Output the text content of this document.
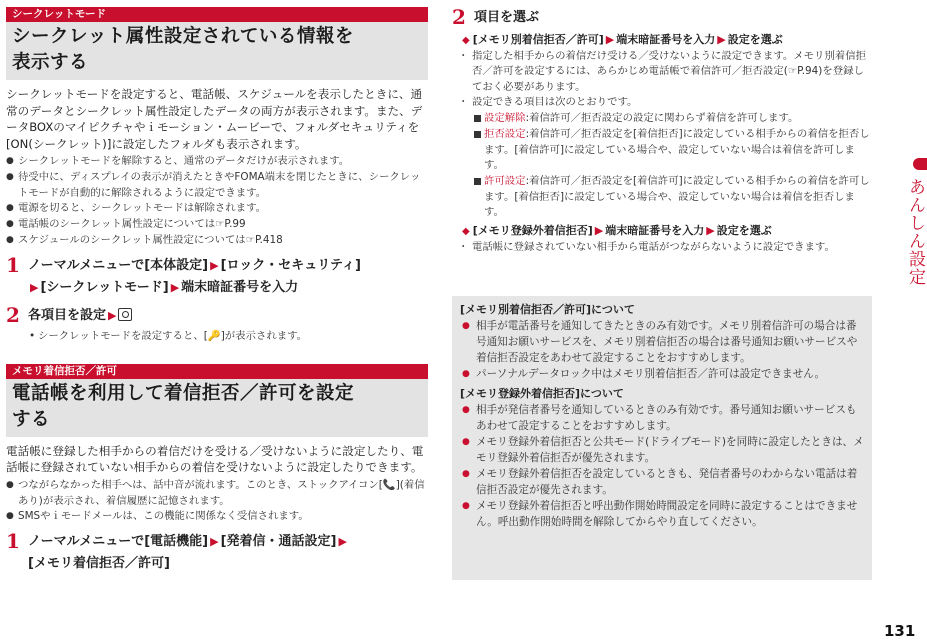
シークレットモード
シークレット属性設定されている情報を
表示する
シークレットモードを設定すると、電話帳、スケジュールを表示したときに、通常のデータとシークレット属性設定したデータの両方が表示されます。また、データBOXのマイピクチャやｉモーション・ムービーで、フォルダセキュリティを[ON(シークレット)]に設定したフォルダも表示されます。
● シークレットモードを解除すると、通常のデータだけが表示されます。
● 待受中に、ディスプレイの表示が消えたときやFOMA端末を閉じたときに、シークレットモードが自動的に解除されるように設定できます。
● 電源を切ると、シークレットモードは解除されます。
● 電話帳のシークレット属性設定については☞P.99
● スケジュールのシークレット属性設定については☞P.418
1 ノーマルメニューで[本体設定] ▶ [ロック・セキュリティ]
▶ [シークレットモード] ▶ 端末暗証番号を入力
2 各項目を設定 ▶
• シークレットモードを設定すると、[🔑]が表示されます。
メモリ着信拒否／許可
電話帳を利用して着信拒否／許可を設定
する
電話帳に登録した相手からの着信だけを受ける／受けないように設定したり、電話帳に登録されていない相手からの着信を受けないように設定したりできます。
● つながらなかった相手へは、話中音が流れます。このとき、ストックアイコン[📞](着信あり)が表示され、着信履歴に記憶されます。
● SMSやｉモードメールは、この機能に関係なく受信されます。
1 ノーマルメニューで[電話機能] ▶ [発着信・通話設定] ▶
[メモリ着信拒否／許可]
2 項目を選ぶ
◆ [メモリ別着信拒否／許可] ▶ 端末暗証番号を入力 ▶ 設定を選ぶ
・ 指定した相手からの着信だけ受ける／受けないように設定できます。メモリ別着信拒否／許可を設定するには、あらかじめ電話帳で着信許可／拒否設定(☞P.94)を登録しておく必要があります。
・ 設定できる項目は次のとおりです。
設定解除:着信許可／拒否設定の設定に関わらず着信を許可します。
拒否設定:着信許可／拒否設定を[着信拒否]に設定している相手からの着信を拒否します。[着信許可]に設定している場合や、設定していない場合は着信を許可します。
許可設定:着信許可／拒否設定を[着信許可]に設定している相手からの着信を許可します。[着信拒否]に設定している場合や、設定していない場合は着信を拒否します。
◆ [メモリ登録外着信拒否] ▶ 端末暗証番号を入力 ▶ 設定を選ぶ
・ 電話帳に登録されていない相手から電話がつながらないように設定できます。
[メモリ別着信拒否／許可]について
● 相手が電話番号を通知してきたときのみ有効です。メモリ別着信許可の場合は番号通知お願いサービスを、メモリ別着信拒否の場合は番号通知お願いサービスや着信拒否設定をあわせて設定することをおすすめします。
● パーソナルデータロック中はメモリ別着信拒否／許可は設定できません。
[メモリ登録外着信拒否]について
● 相手が発信者番号を通知しているときのみ有効です。番号通知お願いサービスもあわせて設定することをおすすめします。
● メモリ登録外着信拒否と公共モード(ドライブモード)を同時に設定したときは、メモリ登録外着信拒否が優先されます。
● メモリ登録外着信拒否を設定しているときも、発信者番号のわからない電話は着信拒否設定が優先されます。
● メモリ登録外着信拒否と呼出動作開始時間設定を同時に設定することはできません。呼出動作開始時間を解除してからやり直してください。
あんしん設定
131
